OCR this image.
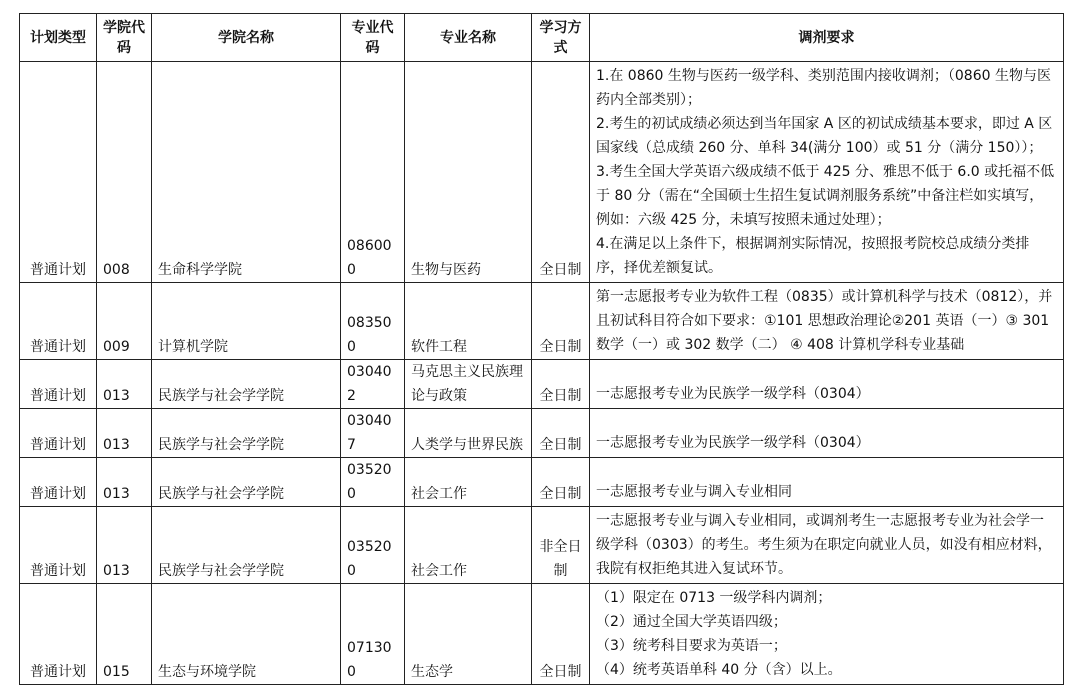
计划类型	学院代码	学院名称	专业代码	专业名称	学习方式	调剂要求
普通计划	008	生命科学学院	086000	生物与医药	全日制	1.在 0860 生物与医药一级学科、类别范围内接收调剂；（0860 生物与医药内全部类别）；
2.考生的初试成绩必须达到当年国家 A 区的初试成绩基本要求，即过 A 区国家线（总成绩 260 分、单科 34(满分 100）或 51 分（满分 150））；
3.考生全国大学英语六级成绩不低于 425 分、雅思不低于 6.0 或托福不低于 80 分（需在“全国硕士生招生复试调剂服务系统”中备注栏如实填写，例如：六级 425 分，未填写按照未通过处理）；
4.在满足以上条件下，根据调剂实际情况，按照报考院校总成绩分类排序，择优差额复试。

普通计划	009	计算机学院	083500	软件工程	全日制	第一志愿报考专业为软件工程（0835）或计算机科学与技术（0812），并且初试科目符合如下要求：①101 思想政治理论②201 英语（一）③ 301 数学（一）或 302 数学（二） ④ 408 计算机学科专业基础

普通计划	013	民族学与社会学学院	030402	马克思主义民族理论与政策	全日制	一志愿报考专业为民族学一级学科（0304）

普通计划	013	民族学与社会学学院	030407	人类学与世界民族	全日制	一志愿报考专业为民族学一级学科（0304）

普通计划	013	民族学与社会学学院	035200	社会工作	全日制	一志愿报考专业与调入专业相同

普通计划	013	民族学与社会学学院	035200	社会工作	非全日制	一志愿报考专业与调入专业相同，或调剂考生一志愿报考专业为社会学一级学科（0303）的考生。考生须为在职定向就业人员，如没有相应材料，我院有权拒绝其进入复试环节。

普通计划	015	生态与环境学院	071300	生态学	全日制	（1）限定在 0713 一级学科内调剂；
（2）通过全国大学英语四级；
（3）统考科目要求为英语一；
（4）统考英语单科 40 分（含）以上。
